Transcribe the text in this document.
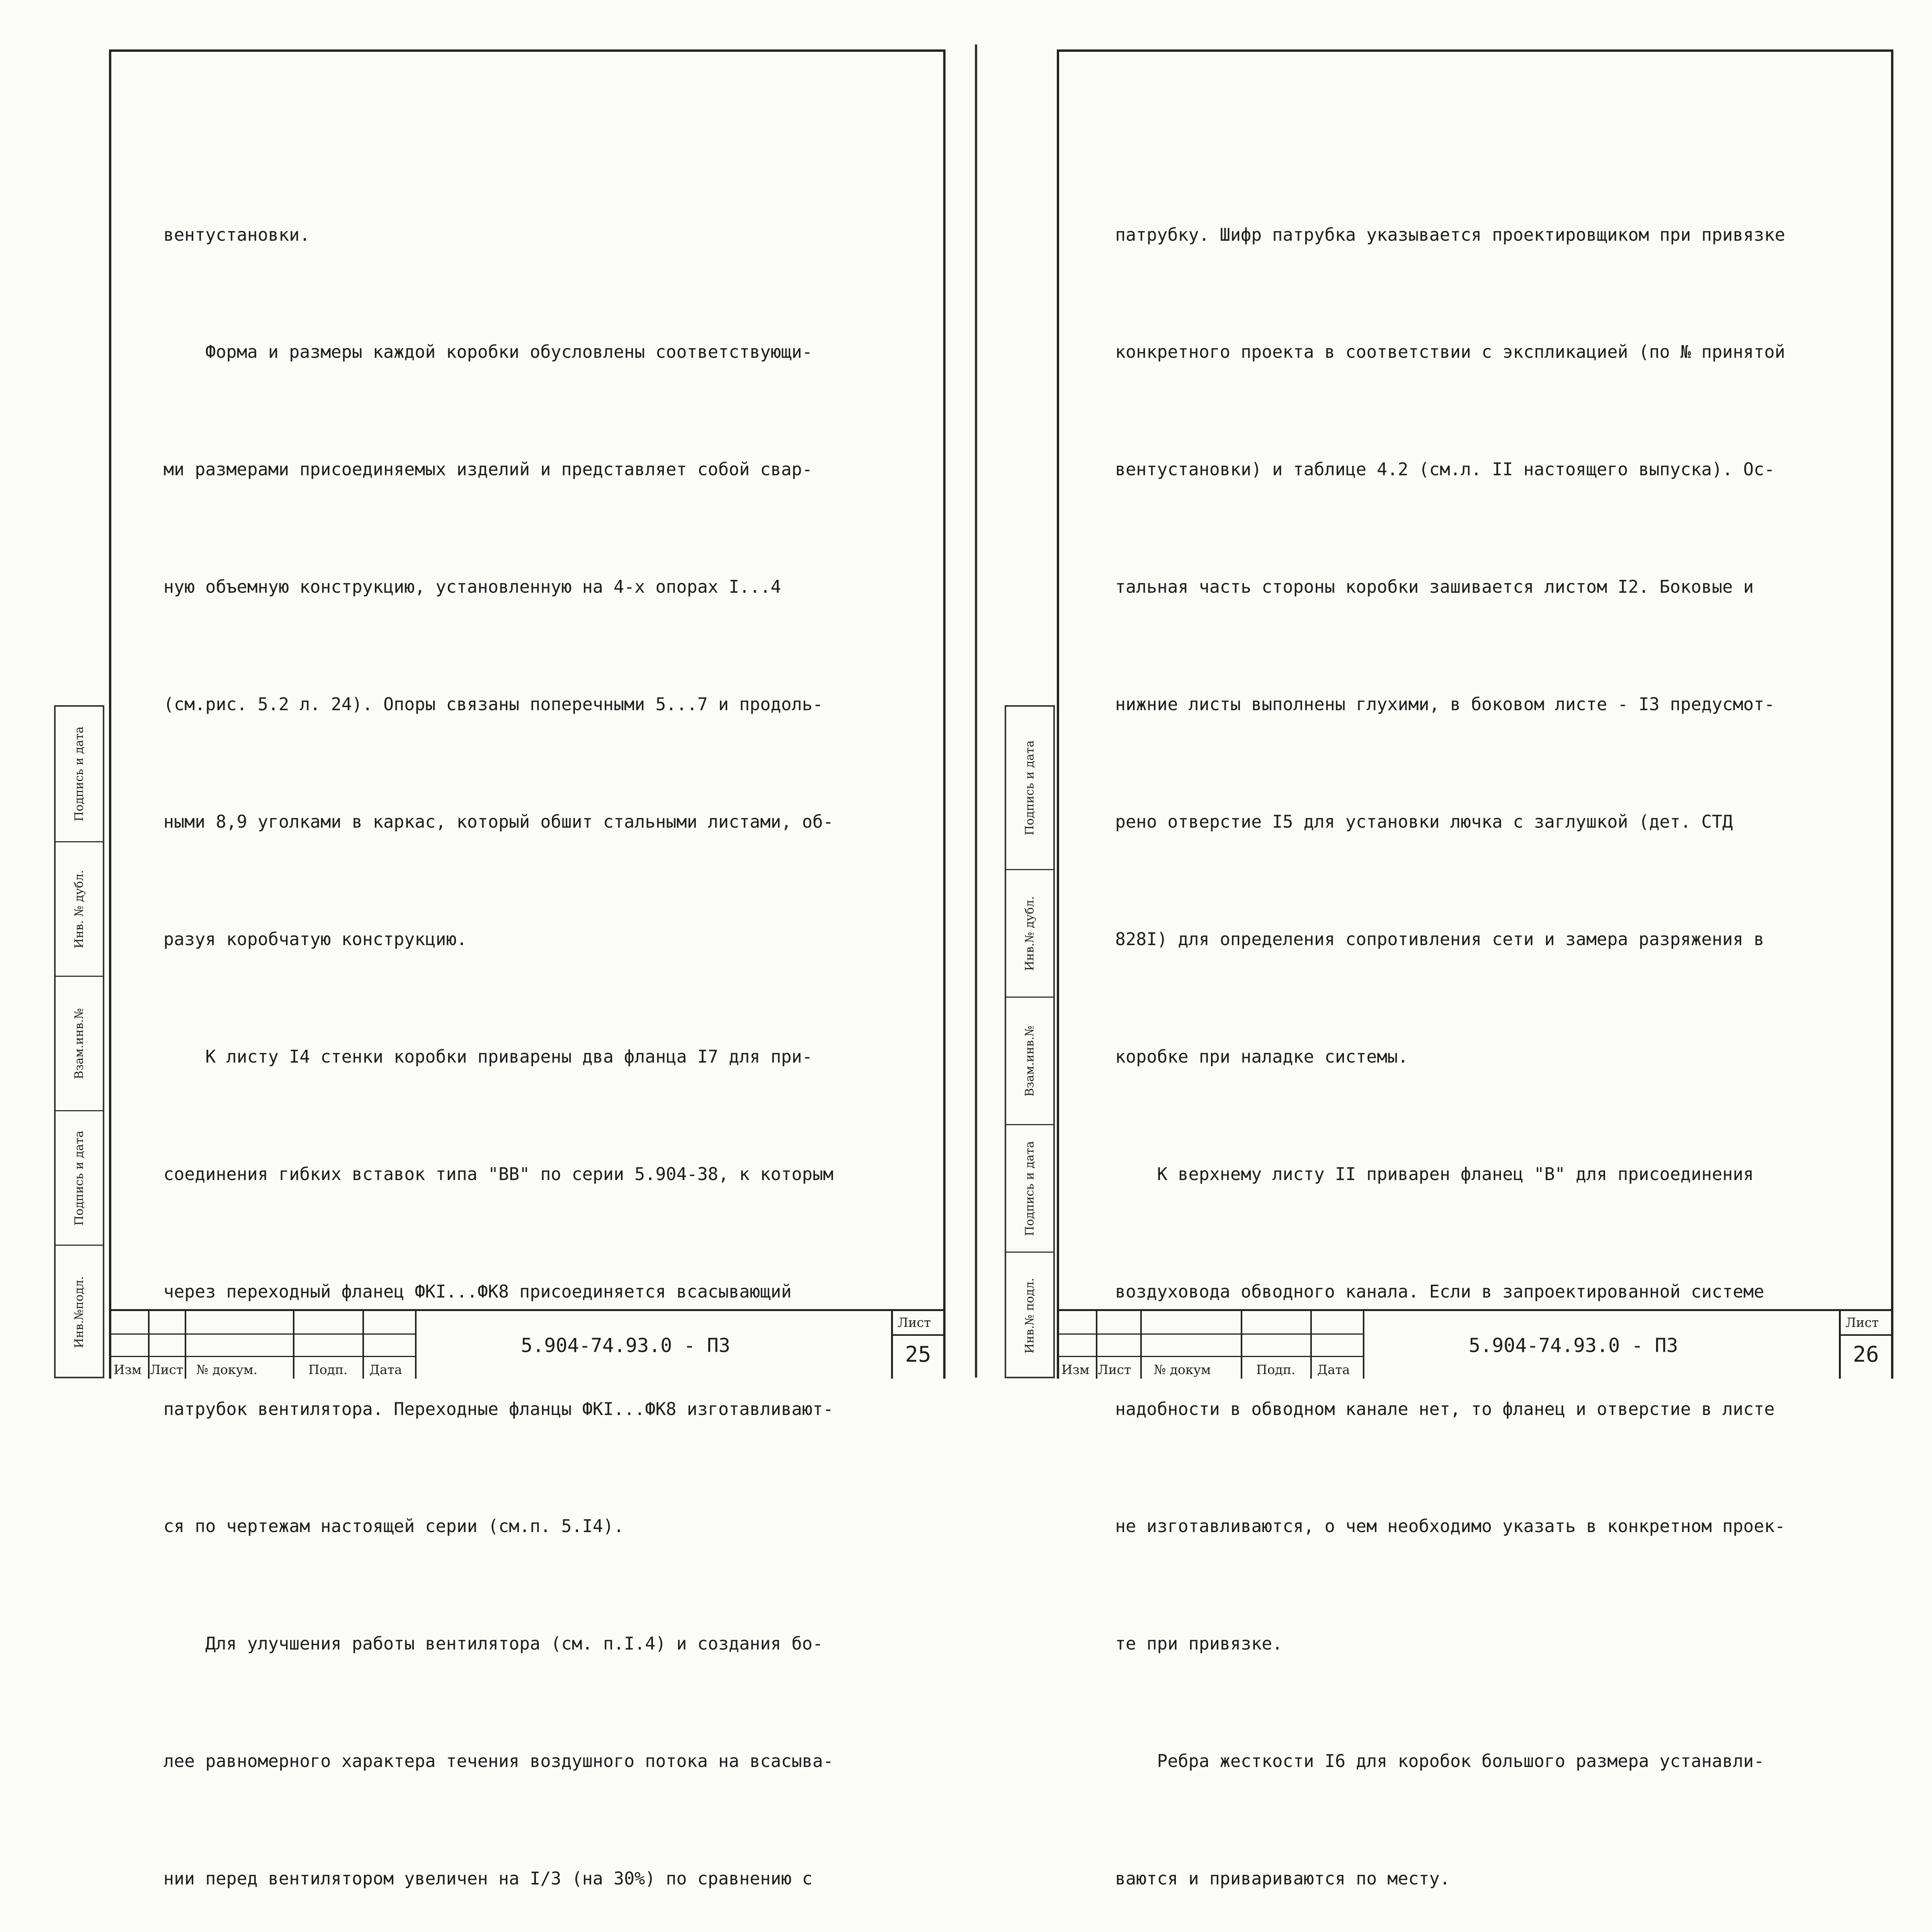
Подпись и дата
Инв. № дубл.
Взам.инв.№
Подпись и дата
Инв.№подл.

вентустановки.

Форма и размеры каждой коробки обусловлены соответствующи-

ми размерами присоединяемых изделий и представляет собой свар-

ную объемную конструкцию, установленную на 4-х опорах I...4

(см.рис. 5.2 л. 24). Опоры связаны поперечными 5...7 и продоль-

ными 8,9 уголками в каркас, который обшит стальными листами, об-

разуя коробчатую конструкцию.

К листу I4 стенки коробки приварены два фланца I7 для при-

соединения гибких вставок типа "ВВ" по серии 5.904-38, к которым

через переходный фланец ФКI...ФК8 присоединяется всасывающий

патрубок вентилятора. Переходные фланцы ФКI...ФК8 изготавливают-

ся по чертежам настоящей серии (см.п. 5.I4).

Для улучшения работы вентилятора (см. п.I.4) и создания бо-

лее равномерного характера течения воздушного потока на всасыва-

нии перед вентилятором увеличен на I/3 (на 30%) по сравнению с

Изм Лист № докум.	Подп. Дата
5.904-74.93.0 - ПЗ
Лист
25
Подпись и дата
Инв.№ дубл.
Взам.инв.№
Подпись и дата
Инв.№ подл.

патрубку. Шифр патрубка указывается проектировщиком при привязке

конкретного проекта в соответствии с экспликацией (по № принятой

вентустановки) и таблице 4.2 (см.л. II настоящего выпуска). Ос-

тальная часть стороны коробки зашивается листом I2. Боковые и

нижние листы выполнены глухими, в боковом листе - I3 предусмот-

рено отверстие I5 для установки лючка с заглушкой (дет. СТД

828I) для определения сопротивления сети и замера разряжения в

коробке при наладке системы.

К верхнему листу II приварен фланец "В" для присоединения

воздуховода обводного канала. Если в запроектированной системе

надобности в обводном канале нет, то фланец и отверстие в листе

не изготавливаются, о чем необходимо указать в конкретном проек-

те при привязке.

Ребра жесткости I6 для коробок большого размера устанавли-

ваются и привариваются по месту.

Изм Лист № докум	Подп. Дата
5.904-74.93.0 - ПЗ
Лист
26
